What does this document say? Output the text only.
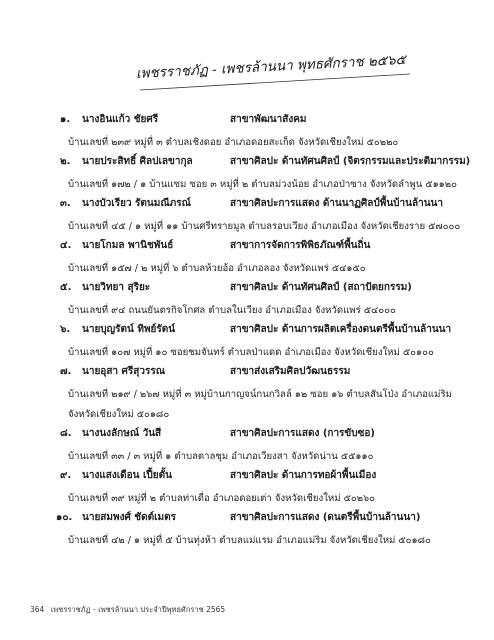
เพชรราชภัฏ - เพชรล้านนา พุทธศักราช ๒๕๖๕
๑. นางอินแก้ว ชัยศรี	สาขาพัฒนาสังคม
บ้านเลขที่ ๒๓๙ หมู่ที่ ๓ ตำบลเชิงดอย อำเภอดอยสะเก็ด จังหวัดเชียงใหม่ ๕๐๒๒๐
๒. นายประสิทธิ์ ศิลปเลขากุล	สาขาศิลปะ ด้านทัศนศิลป์ (จิตรกรรมและประติมากรรม)
บ้านเลขที่ ๑๗๒ / ๑ บ้านแซม ซอย ๓ หมู่ที่ ๒ ตำบลม่วงน้อย อำเภอป่าซาง จังหวัดลำพูน ๕๑๑๒๐
๓. นางบัวเรียว รัตนมณีภรณ์	สาขาศิลปะการแสดง ด้านนาฏศิลป์พื้นบ้านล้านนา
บ้านเลขที่ ๔๕ / ๑ หมู่ที่ ๑๑ บ้านศรีทรายมูล ตำบลรอบเวียง อำเภอเมือง จังหวัดเชียงราย ๕๗๐๐๐
๔. นายโกมล พานิชพันธ์	สาขาการจัดการพิพิธภัณฑ์พื้นถิ่น
บ้านเลขที่ ๑๕๗ / ๒ หมู่ที่ ๖ ตำบลห้วยอ้อ อำเภอลอง จังหวัดแพร่ ๕๔๑๕๐
๕. นายวิทยา สุริยะ	สาขาศิลปะ ด้านทัศนศิลป์ (สถาปัตยกรรม)
บ้านเลขที่ ๙๔ ถนนยันตรกิจโกศล ตำบลในเวียง อำเภอเมือง จังหวัดแพร่ ๕๔๐๐๐
๖. นายบุญรัตน์ ทิพย์รัตน์	สาขาศิลปะ ด้านการผลิตเครื่องดนตรีพื้นบ้านล้านนา
บ้านเลขที่ ๑๐๗ หมู่ที่ ๑๐ ซอยชมจันทร์ ตำบลป่าแดด อำเภอเมือง จังหวัดเชียงใหม่ ๕๐๑๐๐
๗. นายอุสา ศรีสุวรรณ	สาขาส่งเสริมศิลปวัฒนธรรม
บ้านเลขที่ ๒๑๙ / ๒๖๗ หมู่ที่ ๓ หมู่บ้านกาญจน์กนกวิลล์ ๑๒ ซอย ๑๖ ตำบลสันโป่ง อำเภอแม่ริม
จังหวัดเชียงใหม่ ๕๐๑๘๐
๘. นางนงลักษณ์ วันสี	สาขาศิลปะการแสดง (การขับซอ)
บ้านเลขที่ ๓๓ / ๓ หมู่ที่ ๑ ตำบลตาลชุม อำเภอเวียงสา จังหวัดน่าน ๕๕๑๑๐
๙. นางแสงเดือน เปี้ยตั้น	สาขาศิลปะ ด้านการทอผ้าพื้นเมือง
บ้านเลขที่ ๓๙ หมู่ที่ ๒ ตำบลท่าเดื่อ อำเภอดอยเต่า จังหวัดเชียงใหม่ ๕๐๒๖๐
๑๐. นายสมพงศ์ ชัดต์เมตร	สาขาศิลปะการแสดง (ดนตรีพื้นบ้านล้านนา)
บ้านเลขที่ ๔๒ / ๑ หมู่ที่ ๕ บ้านทุ่งห้า ตำบลแม่แรม อำเภอแม่ริม จังหวัดเชียงใหม่ ๕๐๑๘๐
364 เพชรราชภัฏ - เพชรล้านนา ประจำปีพุทธศักราช 2565
